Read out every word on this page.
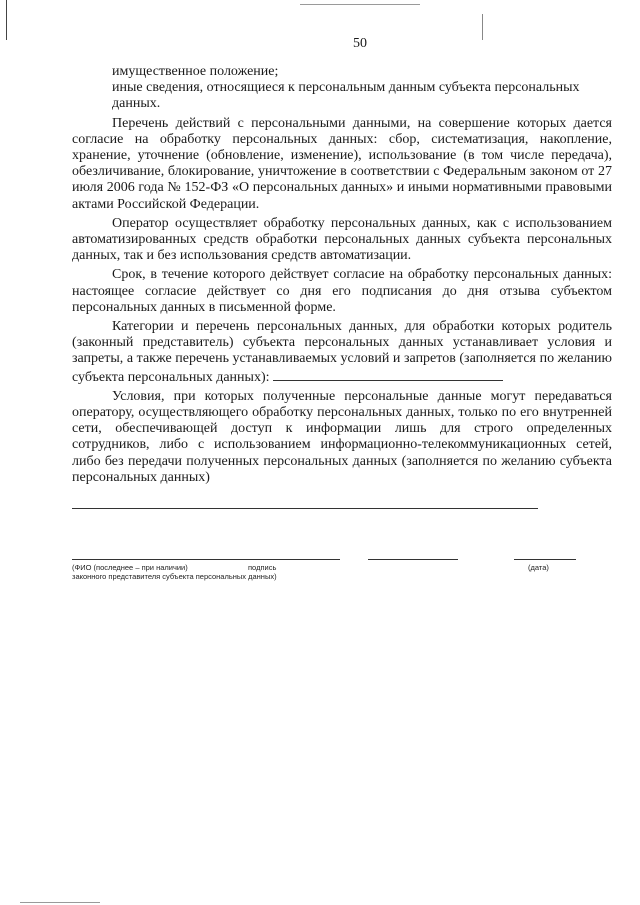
50

имущественное положение;

иные сведения, относящиеся к персональным данным субъекта персональных

данных.

Перечень действий с персональными данными, на совершение которых дается согласие на обработку персональных данных: сбор, систематизация, накопление, хранение, уточнение (обновление, изменение), использование (в том числе передача), обезличивание, блокирование, уничтожение в соответствии с Федеральным законом от 27 июля 2006 года № 152-ФЗ «О персональных данных» и иными нормативными правовыми актами Российской Федерации.

Оператор осуществляет обработку персональных данных, как с использованием автоматизированных средств обработки персональных данных субъекта персональных данных, так и без использования средств автоматизации.

Срок, в течение которого действует согласие на обработку персональных данных: настоящее согласие действует со дня его подписания до дня отзыва субъектом персональных данных в письменной форме.

Категории и перечень персональных данных, для обработки которых родитель (законный представитель) субъекта персональных данных устанавливает условия и запреты, а также перечень устанавливаемых условий и запретов (заполняется по желанию субъекта персональных данных):

Условия, при которых полученные персональные данные могут передаваться оператору, осуществляющего обработку персональных данных, только по его внутренней сети, обеспечивающей доступ к информации лишь для строго определенных сотрудников, либо с использованием информационно-телекоммуникационных сетей, либо без передачи полученных персональных данных (заполняется по желанию субъекта персональных данных)

(ФИО (последнее – при наличии)	подпись
законного представителя субъекта персональных данных)
(дата)
